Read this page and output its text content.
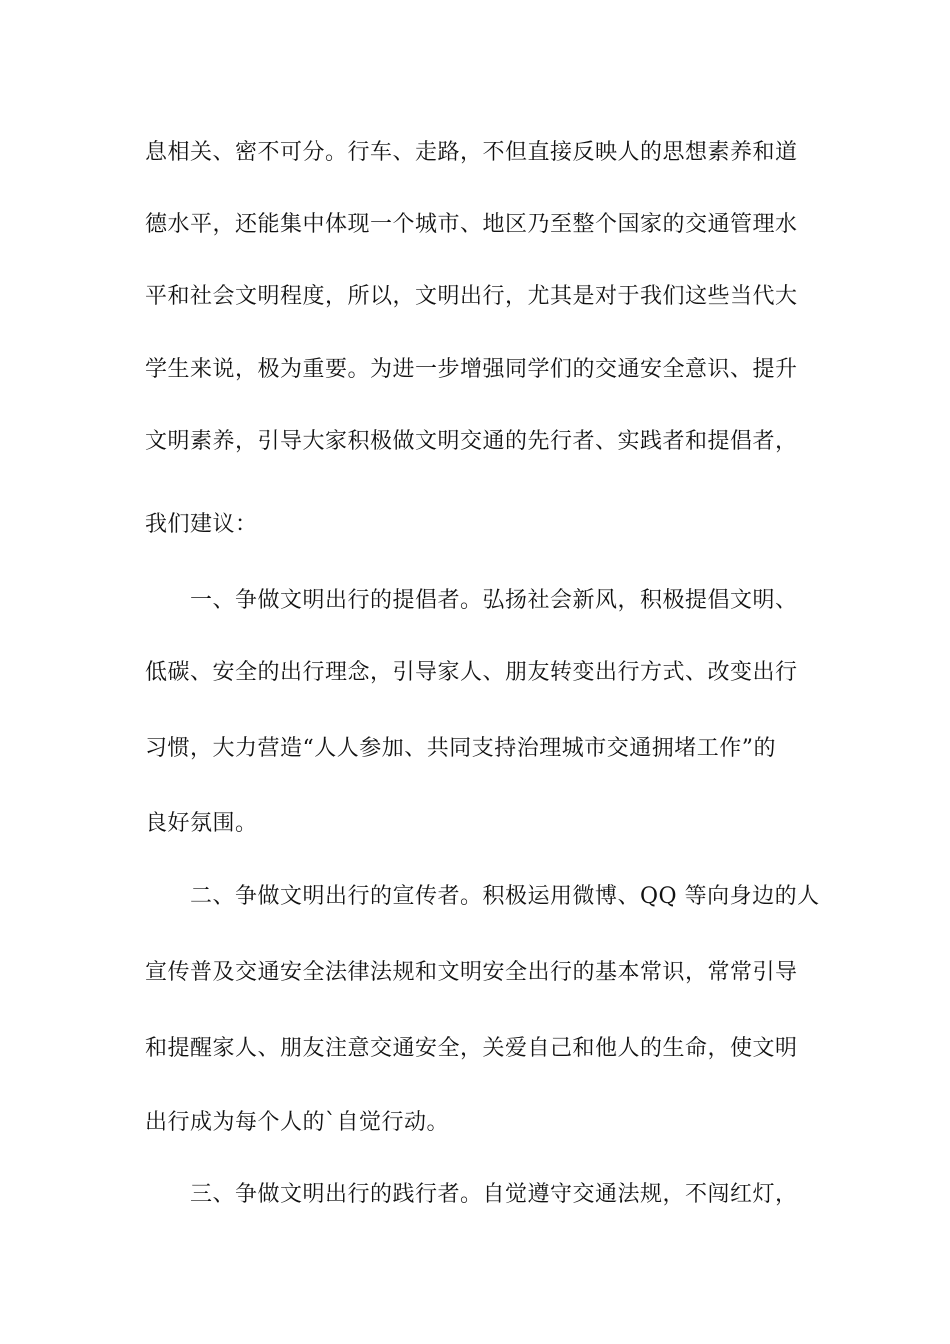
息相关、密不可分。行车、走路，不但直接反映人的思想素养和道
德水平，还能集中体现一个城市、地区乃至整个国家的交通管理水
平和社会文明程度，所以，文明出行，尤其是对于我们这些当代大
学生来说，极为重要。为进一步增强同学们的交通安全意识、提升
文明素养，引导大家积极做文明交通的先行者、实践者和提倡者，
我们建议：
一、争做文明出行的提倡者。弘扬社会新风，积极提倡文明、
低碳、安全的出行理念，引导家人、朋友转变出行方式、改变出行
习惯，大力营造“人人参加、共同支持治理城市交通拥堵工作”的
良好氛围。
二、争做文明出行的宣传者。积极运用微博、QQ 等向身边的人
宣传普及交通安全法律法规和文明安全出行的基本常识，常常引导
和提醒家人、朋友注意交通安全，关爱自己和他人的生命，使文明
出行成为每个人的`自觉行动。
三、争做文明出行的践行者。自觉遵守交通法规，不闯红灯，
